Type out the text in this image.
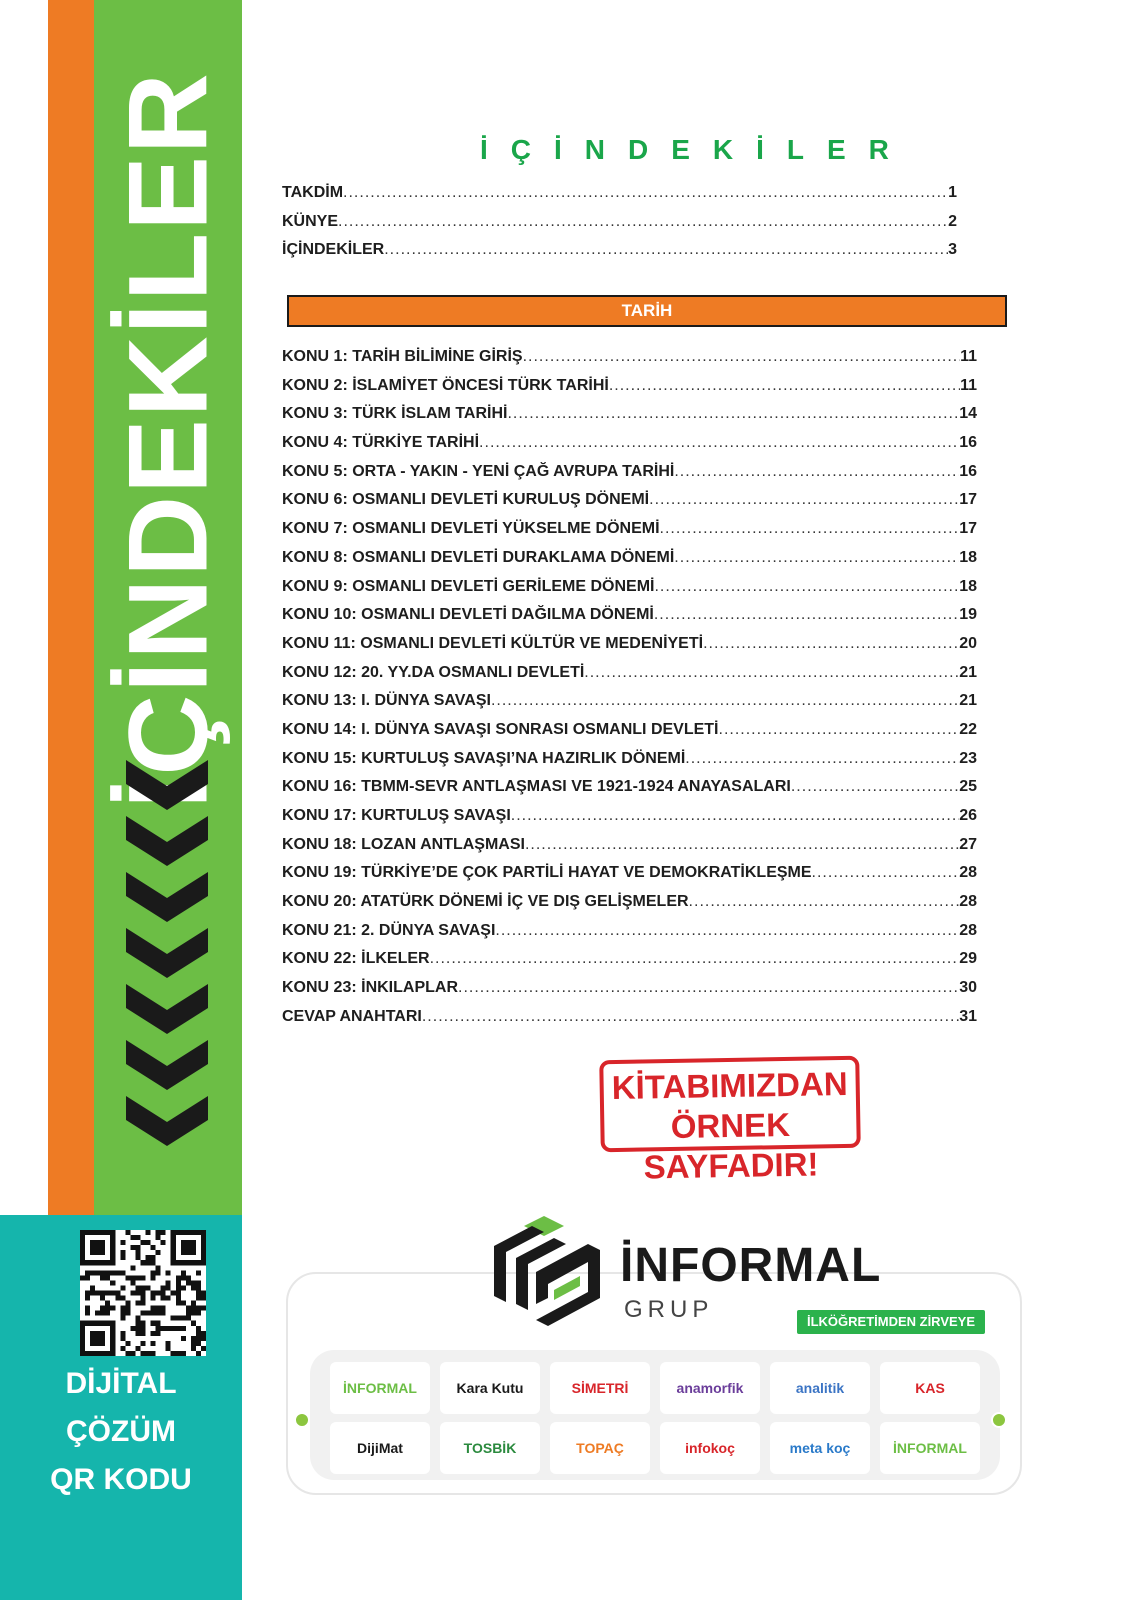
İÇİNDEKİLER
DİJİTAL
ÇÖZÜM
QR KODU
İÇİNDEKİLER
TAKDİM .....	1
KÜNYE .....	2
İÇİNDEKİLER .....	3
TARİH
KONU 1: TARİH BİLİMİNE GİRİŞ .....	11
KONU 2: İSLAMİYET ÖNCESİ TÜRK TARİHİ .....	11
KONU 3: TÜRK İSLAM TARİHİ .....	14
KONU 4: TÜRKİYE TARİHİ .....	16
KONU 5: ORTA - YAKIN - YENİ ÇAĞ AVRUPA TARİHİ .....	16
KONU 6: OSMANLI DEVLETİ KURULUŞ DÖNEMİ .....	17
KONU 7: OSMANLI DEVLETİ YÜKSELME DÖNEMİ .....	17
KONU 8: OSMANLI DEVLETİ DURAKLAMA DÖNEMİ .....	18
KONU 9: OSMANLI DEVLETİ GERİLEME DÖNEMİ .....	18
KONU 10: OSMANLI DEVLETİ DAĞILMA DÖNEMİ .....	19
KONU 11: OSMANLI DEVLETİ KÜLTÜR VE MEDENİYETİ .....	20
KONU 12: 20. YY.DA OSMANLI DEVLETİ .....	21
KONU 13: I. DÜNYA SAVAŞI .....	21
KONU 14: I. DÜNYA SAVAŞI SONRASI OSMANLI DEVLETİ .....	22
KONU 15: KURTULUŞ SAVAŞI’NA HAZIRLIK DÖNEMİ .....	23
KONU 16: TBMM-SEVR ANTLAŞMASI VE 1921-1924 ANAYASALARI .....	25
KONU 17: KURTULUŞ SAVAŞI .....	26
KONU 18: LOZAN ANTLAŞMASI .....	27
KONU 19: TÜRKİYE’DE ÇOK PARTİLİ HAYAT VE DEMOKRATİKLEŞME .....	28
KONU 20: ATATÜRK DÖNEMİ İÇ VE DIŞ GELİŞMELER .....	28
KONU 21: 2. DÜNYA SAVAŞI .....	28
KONU 22: İLKELER .....	29
KONU 23: İNKILAPLAR .....	30
CEVAP ANAHTARI .....	31
KİTABIMIZDAN
ÖRNEK SAYFADIR!
İNFORMAL
GRUP	İLKÖĞRETİMDEN ZİRVEYE
İNFORMAL	Kara Kutu	SİMETRİ	anamorfik	analitik	KAS
DijiMat	TOSBİK	TOPAÇ	infokoç	meta koç	İNFORMAL
